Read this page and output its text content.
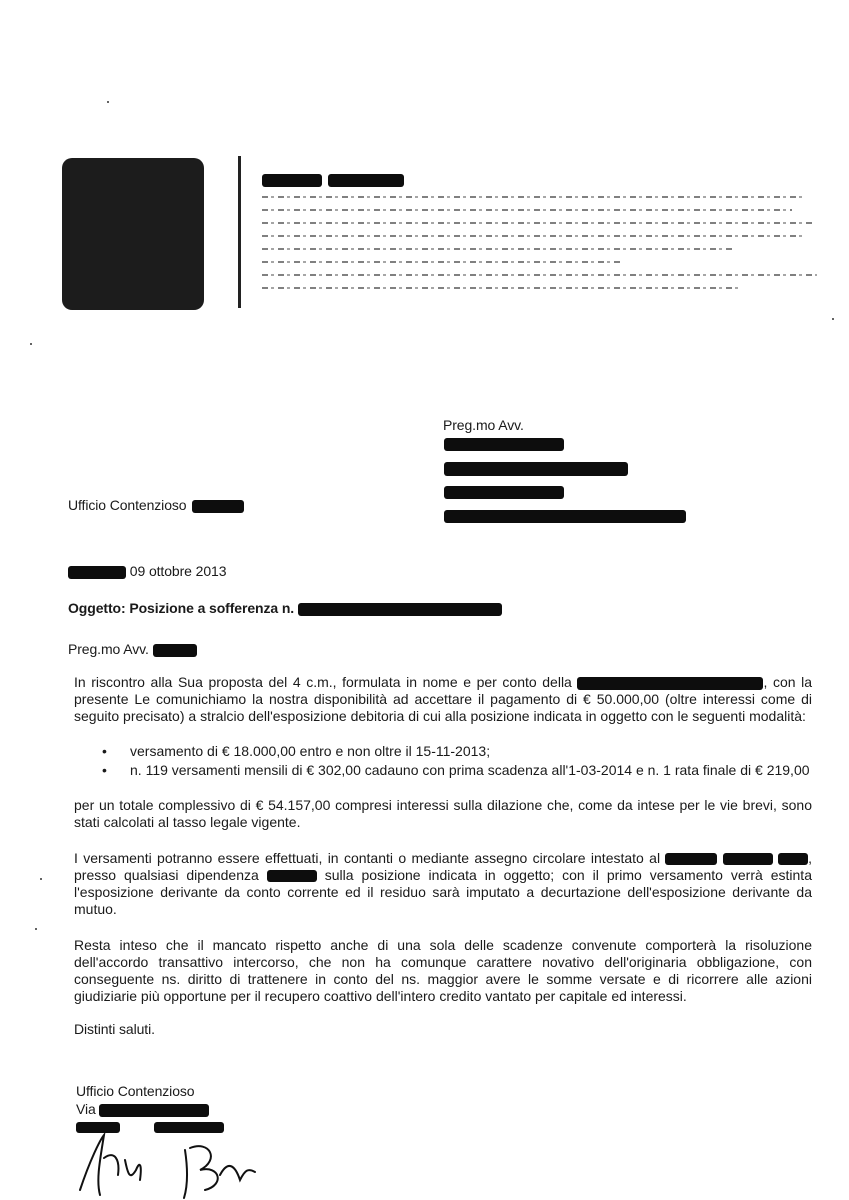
Preg.mo Avv.
Ufficio Contenzioso
09 ottobre 2013
Oggetto: Posizione a sofferenza n.
Preg.mo Avv.
In riscontro alla Sua proposta del 4 c.m., formulata in nome e per conto della	, con la presente Le comunichiamo la nostra disponibilità ad accettare il pagamento di € 50.000,00 (oltre interessi come di seguito precisato) a stralcio dell'esposizione debitoria di cui alla posizione indicata in oggetto con le seguenti modalità:
• versamento di € 18.000,00 entro e non oltre il 15-11-2013;
• n. 119 versamenti mensili di € 302,00 cadauno con prima scadenza all'1-03-2014 e n. 1 rata finale di € 219,00
per un totale complessivo di € 54.157,00 compresi interessi sulla dilazione che, come da intese per le vie brevi, sono stati calcolati al tasso legale vigente.
I versamenti potranno essere effettuati, in contanti o mediante assegno circolare intestato al	, presso qualsiasi dipendenza	sulla posizione indicata in oggetto; con il primo versamento verrà estinta l'esposizione derivante da conto corrente ed il residuo sarà imputato a decurtazione dell'esposizione derivante da mutuo.
Resta inteso che il mancato rispetto anche di una sola delle scadenze convenute comporterà la risoluzione dell'accordo transattivo intercorso, che non ha comunque carattere novativo dell'originaria obbligazione, con conseguente ns. diritto di trattenere in conto del ns. maggior avere le somme versate e di ricorrere alle azioni giudiziarie più opportune per il recupero coattivo dell'intero credito vantato per capitale ed interessi.
Distinti saluti.
Ufficio Contenzioso
Via
